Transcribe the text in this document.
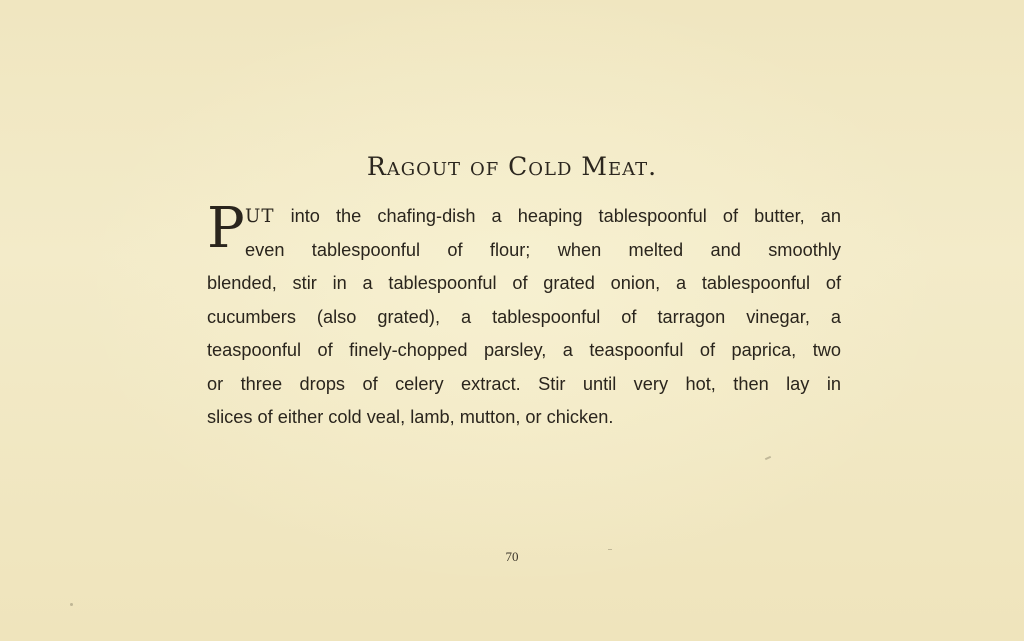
Ragout of Cold Meat.
P UT into the chafing-dish a heaping tablespoonful of butter, an
even tablespoonful of flour; when melted and smoothly
blended, stir in a tablespoonful of grated onion, a tablespoonful of
cucumbers (also grated), a tablespoonful of tarragon vinegar, a
teaspoonful of finely-chopped parsley, a teaspoonful of paprica, two
or three drops of celery extract. Stir until very hot, then lay in
slices of either cold veal, lamb, mutton, or chicken.
70
